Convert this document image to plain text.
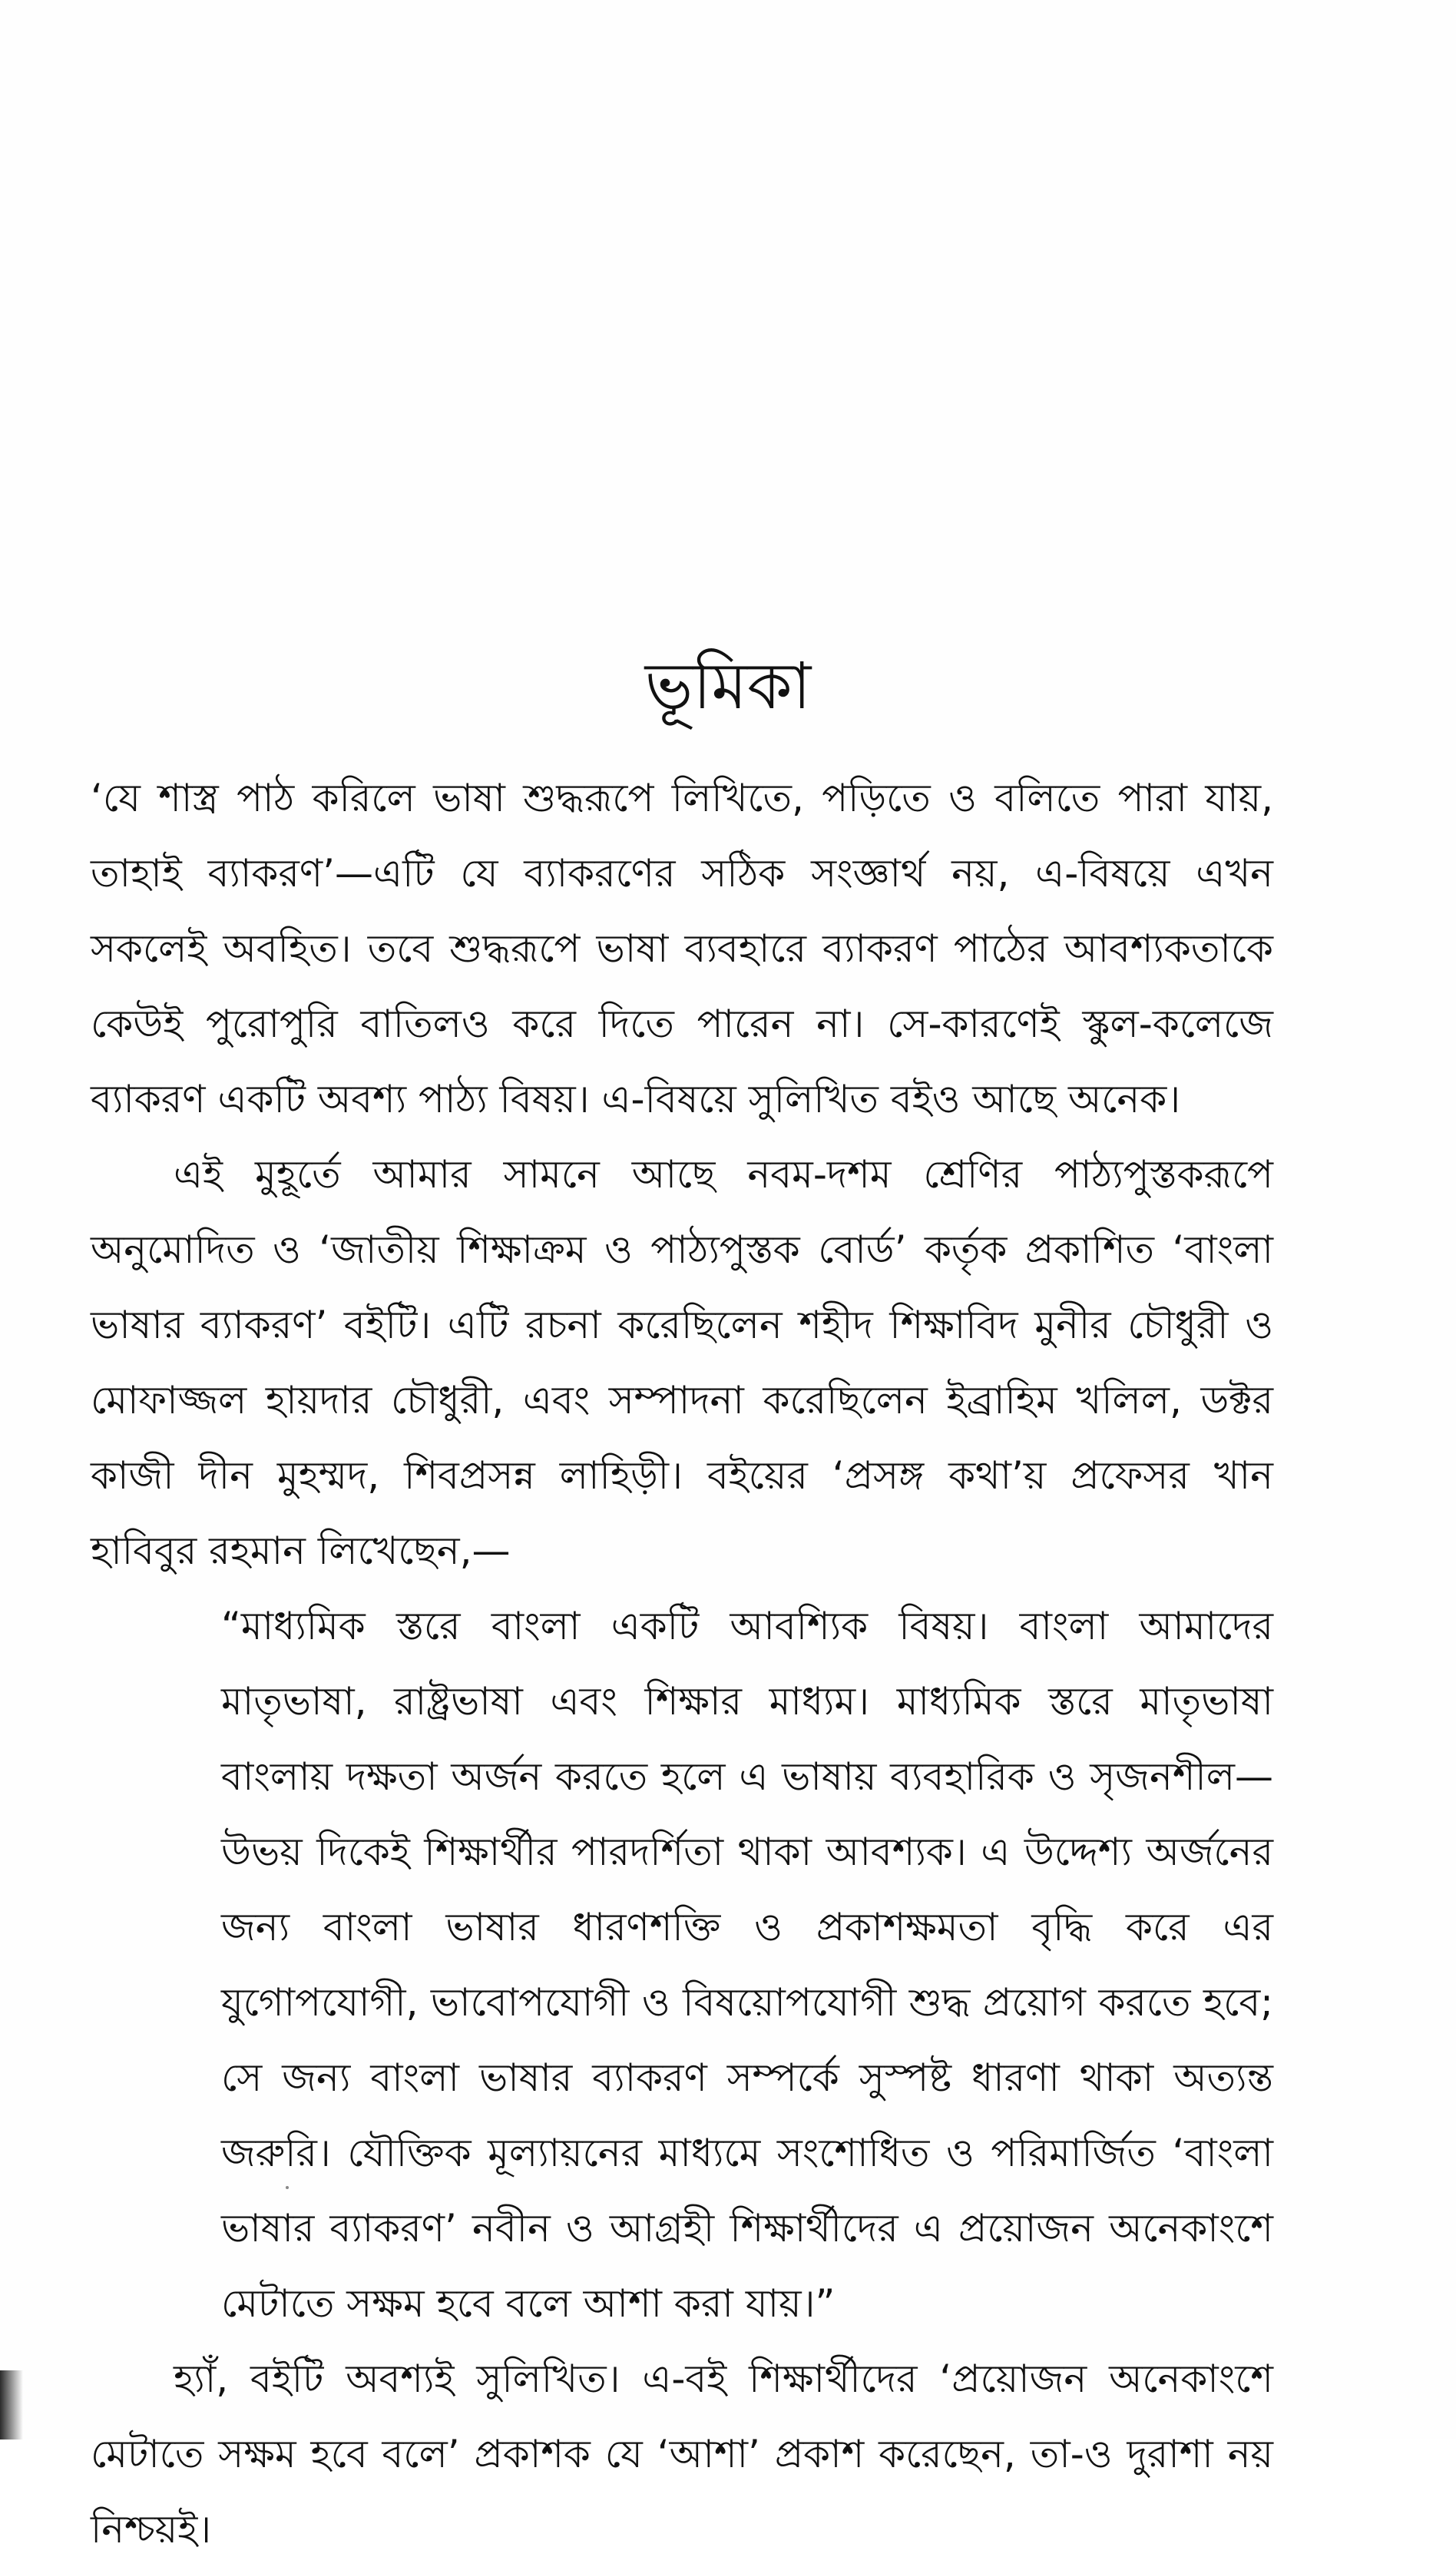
ভূমিকা

‘যে শাস্ত্র পাঠ করিলে ভাষা শুদ্ধরূপে লিখিতে, পড়িতে ও বলিতে পারা যায়, তাহাই ব্যাকরণ’—এটি যে ব্যাকরণের সঠিক সংজ্ঞার্থ নয়, এ-বিষয়ে এখন সকলেই অবহিত। তবে শুদ্ধরূপে ভাষা ব্যবহারে ব্যাকরণ পাঠের আবশ্যকতাকে কেউই পুরোপুরি বাতিলও করে দিতে পারেন না। সে-কারণেই স্কুল-কলেজে ব্যাকরণ একটি অবশ্য পাঠ্য বিষয়। এ-বিষয়ে সুলিখিত বইও আছে অনেক।

এই মুহূর্তে আমার সামনে আছে নবম-দশম শ্রেণির পাঠ্যপুস্তকরূপে অনুমোদিত ও ‘জাতীয় শিক্ষাক্রম ও পাঠ্যপুস্তক বোর্ড’ কর্তৃক প্রকাশিত ‘বাংলা ভাষার ব্যাকরণ’ বইটি। এটি রচনা করেছিলেন শহীদ শিক্ষাবিদ মুনীর চৌধুরী ও মোফাজ্জল হায়দার চৌধুরী, এবং সম্পাদনা করেছিলেন ইব্রাহিম খলিল, ডক্টর কাজী দীন মুহম্মদ, শিবপ্রসন্ন লাহিড়ী। বইয়ের ‘প্রসঙ্গ কথা’য় প্রফেসর খান হাবিবুর রহমান লিখেছেন,—

“মাধ্যমিক স্তরে বাংলা একটি আবশ্যিক বিষয়। বাংলা আমাদের মাতৃভাষা, রাষ্ট্রভাষা এবং শিক্ষার মাধ্যম। মাধ্যমিক স্তরে মাতৃভাষা বাংলায় দক্ষতা অর্জন করতে হলে এ ভাষায় ব্যবহারিক ও সৃজনশীল— উভয় দিকেই শিক্ষার্থীর পারদর্শিতা থাকা আবশ্যক। এ উদ্দেশ্য অর্জনের জন্য বাংলা ভাষার ধারণশক্তি ও প্রকাশক্ষমতা বৃদ্ধি করে এর যুগোপযোগী, ভাবোপযোগী ও বিষয়োপযোগী শুদ্ধ প্রয়োগ করতে হবে; সে জন্য বাংলা ভাষার ব্যাকরণ সম্পর্কে সুস্পষ্ট ধারণা থাকা অত্যন্ত জরুরি। যৌক্তিক মূল্যায়নের মাধ্যমে সংশোধিত ও পরিমার্জিত ‘বাংলা ভাষার ব্যাকরণ’ নবীন ও আগ্রহী শিক্ষার্থীদের এ প্রয়োজন অনেকাংশে মেটাতে সক্ষম হবে বলে আশা করা যায়।”

হ্যাঁ, বইটি অবশ্যই সুলিখিত। এ-বই শিক্ষার্থীদের ‘প্রয়োজন অনেকাংশে মেটাতে সক্ষম হবে বলে’ প্রকাশক যে ‘আশা’ প্রকাশ করেছেন, তা-ও দুরাশা নয় নিশ্চয়ই।
